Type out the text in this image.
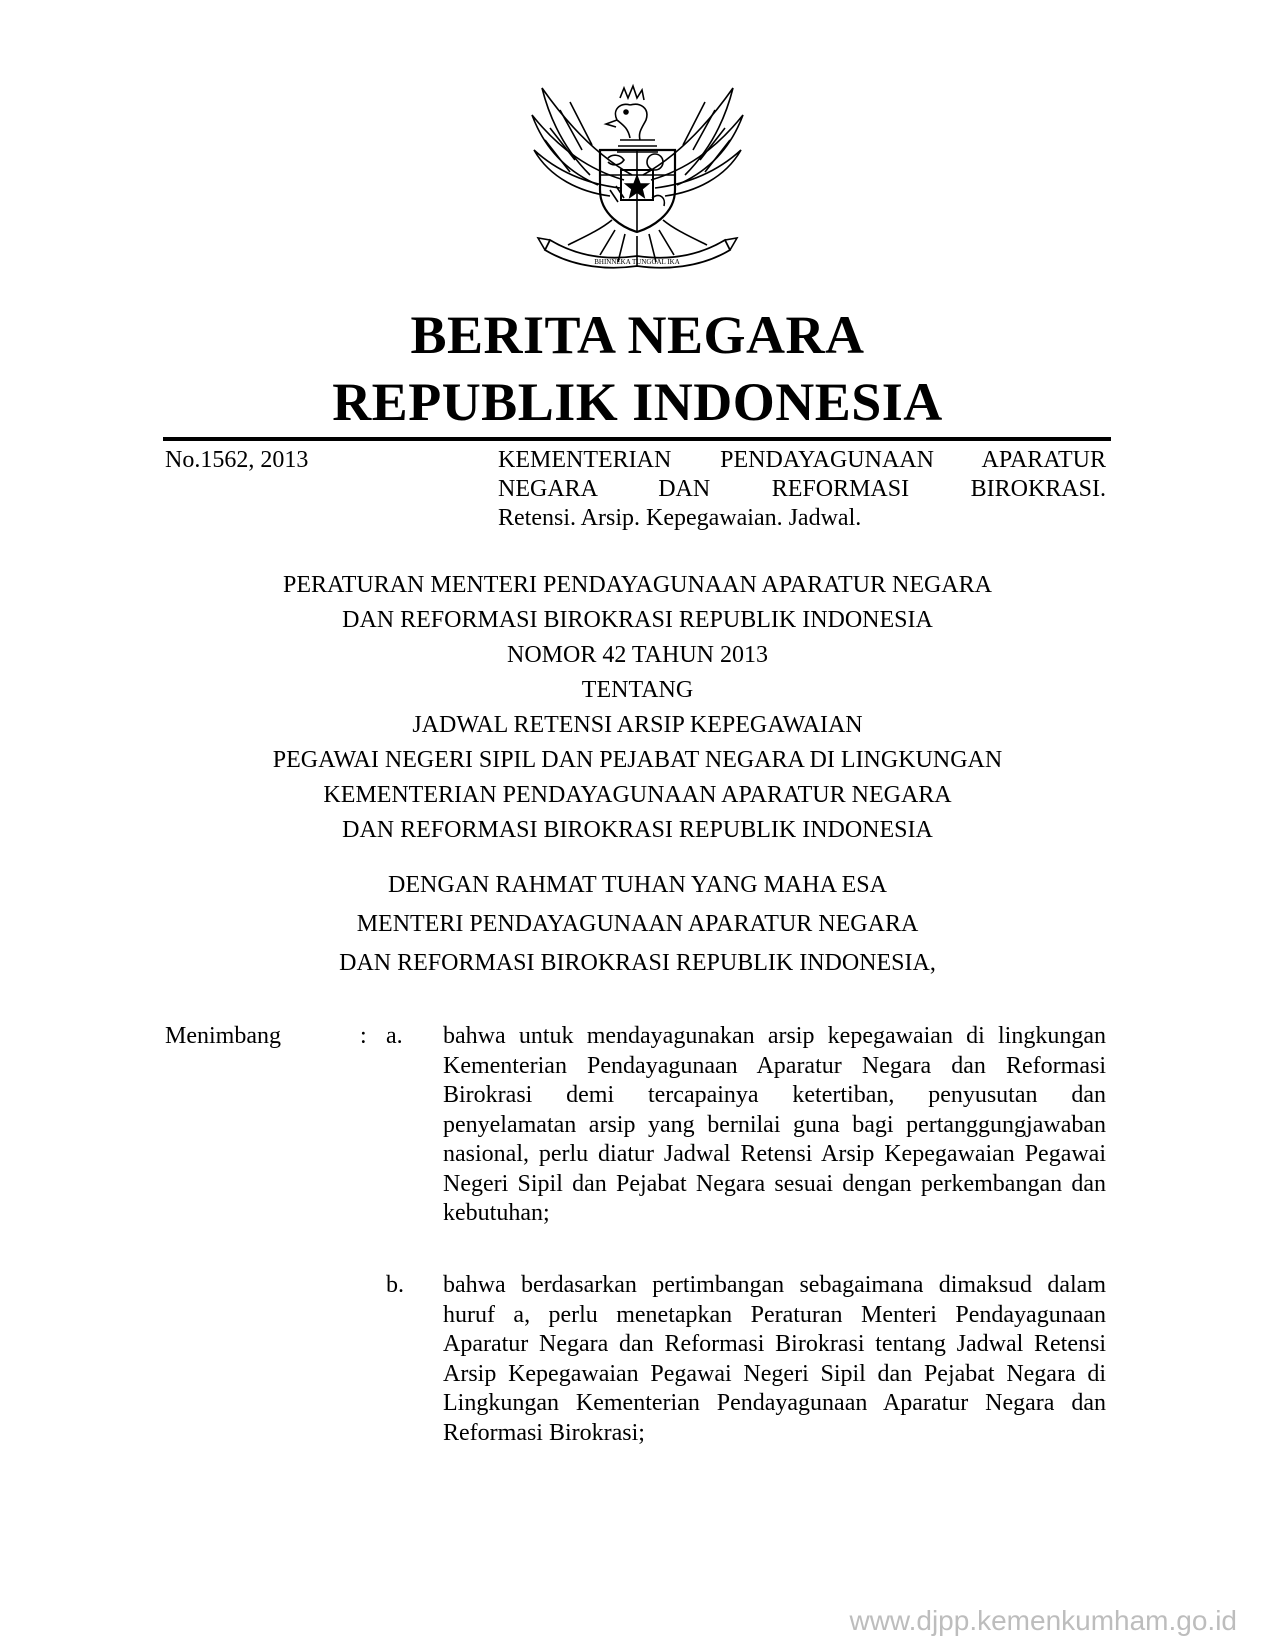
BHINNEKA TUNGGAL IKA
BERITA NEGARA
REPUBLIK INDONESIA
No.1562, 2013	KEMENTERIAN PENDAYAGUNAAN APARATUR
NEGARA DAN REFORMASI BIROKRASI.
Retensi. Arsip. Kepegawaian. Jadwal.
PERATURAN MENTERI PENDAYAGUNAAN APARATUR NEGARA
DAN REFORMASI BIROKRASI REPUBLIK INDONESIA
NOMOR 42 TAHUN 2013
TENTANG
JADWAL RETENSI ARSIP KEPEGAWAIAN
PEGAWAI NEGERI SIPIL DAN PEJABAT NEGARA DI LINGKUNGAN
KEMENTERIAN PENDAYAGUNAAN APARATUR NEGARA
DAN REFORMASI BIROKRASI REPUBLIK INDONESIA
DENGAN RAHMAT TUHAN YANG MAHA ESA
MENTERI PENDAYAGUNAAN APARATUR NEGARA
DAN REFORMASI BIROKRASI REPUBLIK INDONESIA,
Menimbang	: a. bahwa untuk mendayagunakan arsip kepegawaian di lingkungan Kementerian Pendayagunaan Aparatur Negara dan Reformasi Birokrasi demi tercapainya ketertiban, penyusutan dan penyelamatan arsip yang bernilai guna bagi pertanggungjawaban nasional, perlu diatur Jadwal Retensi Arsip Kepegawaian Pegawai Negeri Sipil dan Pejabat Negara sesuai dengan perkembangan dan kebutuhan;
b. bahwa berdasarkan pertimbangan sebagaimana dimaksud dalam huruf a, perlu menetapkan Peraturan Menteri Pendayagunaan Aparatur Negara dan Reformasi Birokrasi tentang Jadwal Retensi Arsip Kepegawaian Pegawai Negeri Sipil dan Pejabat Negara di Lingkungan Kementerian Pendayagunaan Aparatur Negara dan Reformasi Birokrasi;
www.djpp.kemenkumham.go.id
